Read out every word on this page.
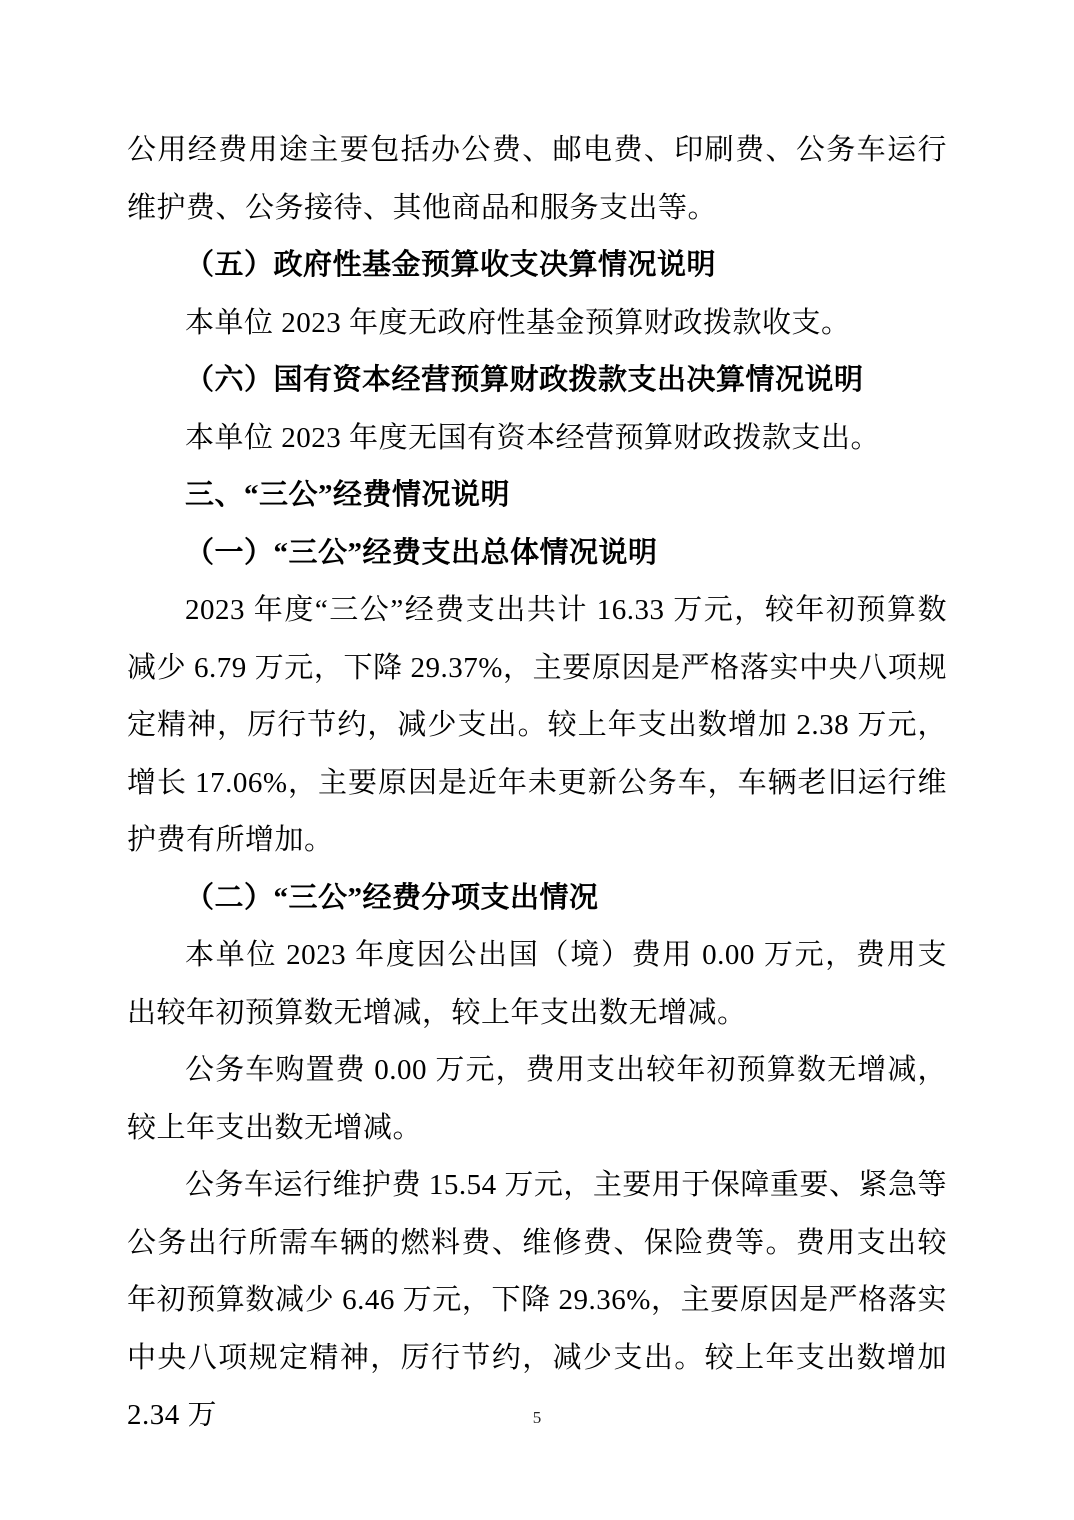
公用经费用途主要包括办公费、邮电费、印刷费、公务车运行维护费、公务接待、其他商品和服务支出等。

（五）政府性基金预算收支决算情况说明

本单位 2023 年度无政府性基金预算财政拨款收支。

（六）国有资本经营预算财政拨款支出决算情况说明

本单位 2023 年度无国有资本经营预算财政拨款支出。

三、“三公”经费情况说明

（一）“三公”经费支出总体情况说明

2023 年度“三公”经费支出共计 16.33 万元，较年初预算数减少 6.79 万元，下降 29.37%，主要原因是严格落实中央八项规定精神，厉行节约，减少支出。较上年支出数增加 2.38 万元，增长 17.06%，主要原因是近年未更新公务车，车辆老旧运行维护费有所增加。

（二）“三公”经费分项支出情况

本单位 2023 年度因公出国（境）费用 0.00 万元，费用支出较年初预算数无增减，较上年支出数无增减。

公务车购置费 0.00 万元，费用支出较年初预算数无增减，较上年支出数无增减。

公务车运行维护费 15.54 万元，主要用于保障重要、紧急等公务出行所需车辆的燃料费、维修费、保险费等。费用支出较年初预算数减少 6.46 万元，下降 29.36%，主要原因是严格落实中央八项规定精神，厉行节约，减少支出。较上年支出数增加 2.34 万	5
